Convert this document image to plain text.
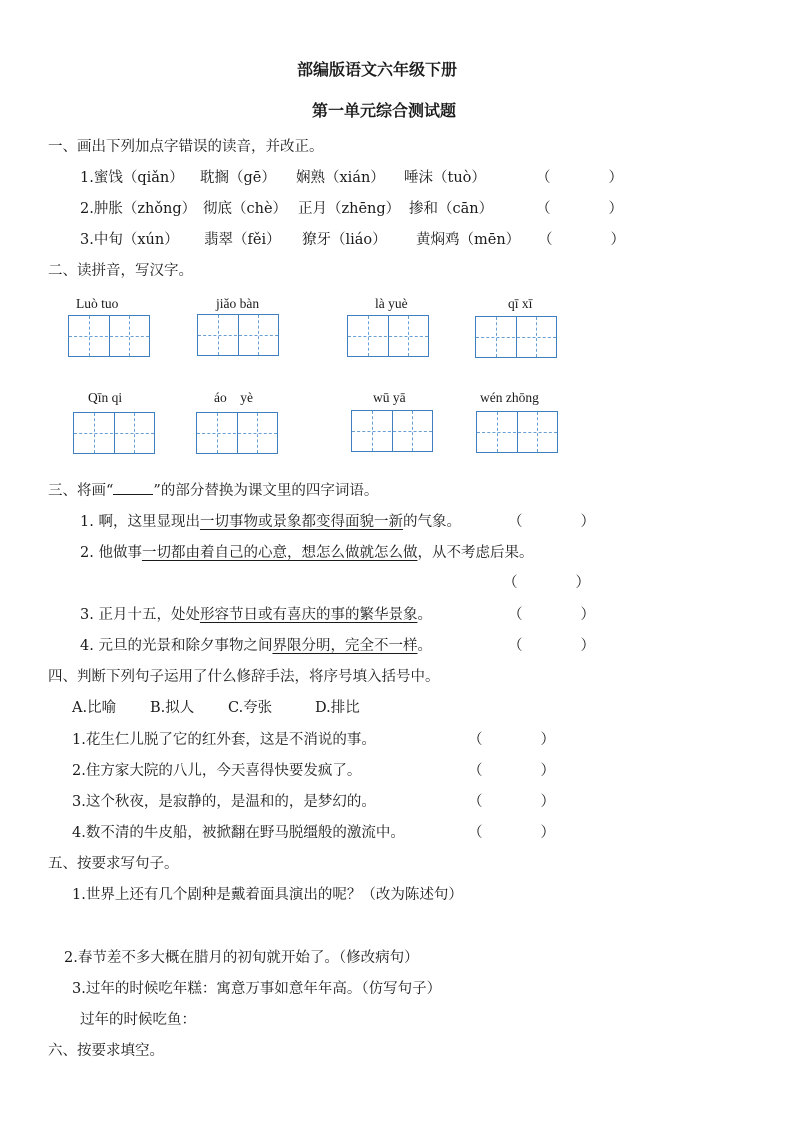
部编版语文六年级下册
第一单元综合测试题
一、画出下列加点字错误的读音，并改正。
1.蜜饯（qiǎn） 耽搁（gē） 娴熟（xián） 唾沫（tuò）	（　　　　）
2.肿胀（zhǒng） 彻底（chè） 正月（zhēng） 掺和（cān）	（　　　　）
3.中旬（xún） 翡翠（fěi） 獠牙（liáo） 黄焖鸡（mēn） （　　　　）
二、读拼音，写汉字。
Luò tuo	jiǎo bàn	là yuè	qī xī
Qīn qi	áo　yè	wū yā	wén zhōng
三、将画“	”的部分替换为课文里的四字词语。
1. 啊，这里显现出一切事物或景象都变得面貌一新的气象。	（　　　　）
2. 他做事一切都由着自己的心意，想怎么做就怎么做，从不考虑后果。
（　　　　）
3. 正月十五，处处形容节日或有喜庆的事的繁华景象。	（　　　　）
4. 元旦的光景和除夕事物之间界限分明，完全不一样。	（　　　　）
四、判断下列句子运用了什么修辞手法，将序号填入括号中。
A.比喻 B.拟人 C.夸张	D.排比
1.花生仁儿脱了它的红外套，这是不消说的事。	（　　　　）
2.住方家大院的八儿，今天喜得快要发疯了。	（　　　　）
3.这个秋夜，是寂静的，是温和的，是梦幻的。	（　　　　）
4.数不清的牛皮船，被掀翻在野马脱缰般的激流中。	（　　　　）
五、按要求写句子。
1.世界上还有几个剧种是戴着面具演出的呢？（改为陈述句）
2.春节差不多大概在腊月的初旬就开始了。（修改病句）
3.过年的时候吃年糕：寓意万事如意年年高。（仿写句子）
过年的时候吃鱼：
六、按要求填空。
